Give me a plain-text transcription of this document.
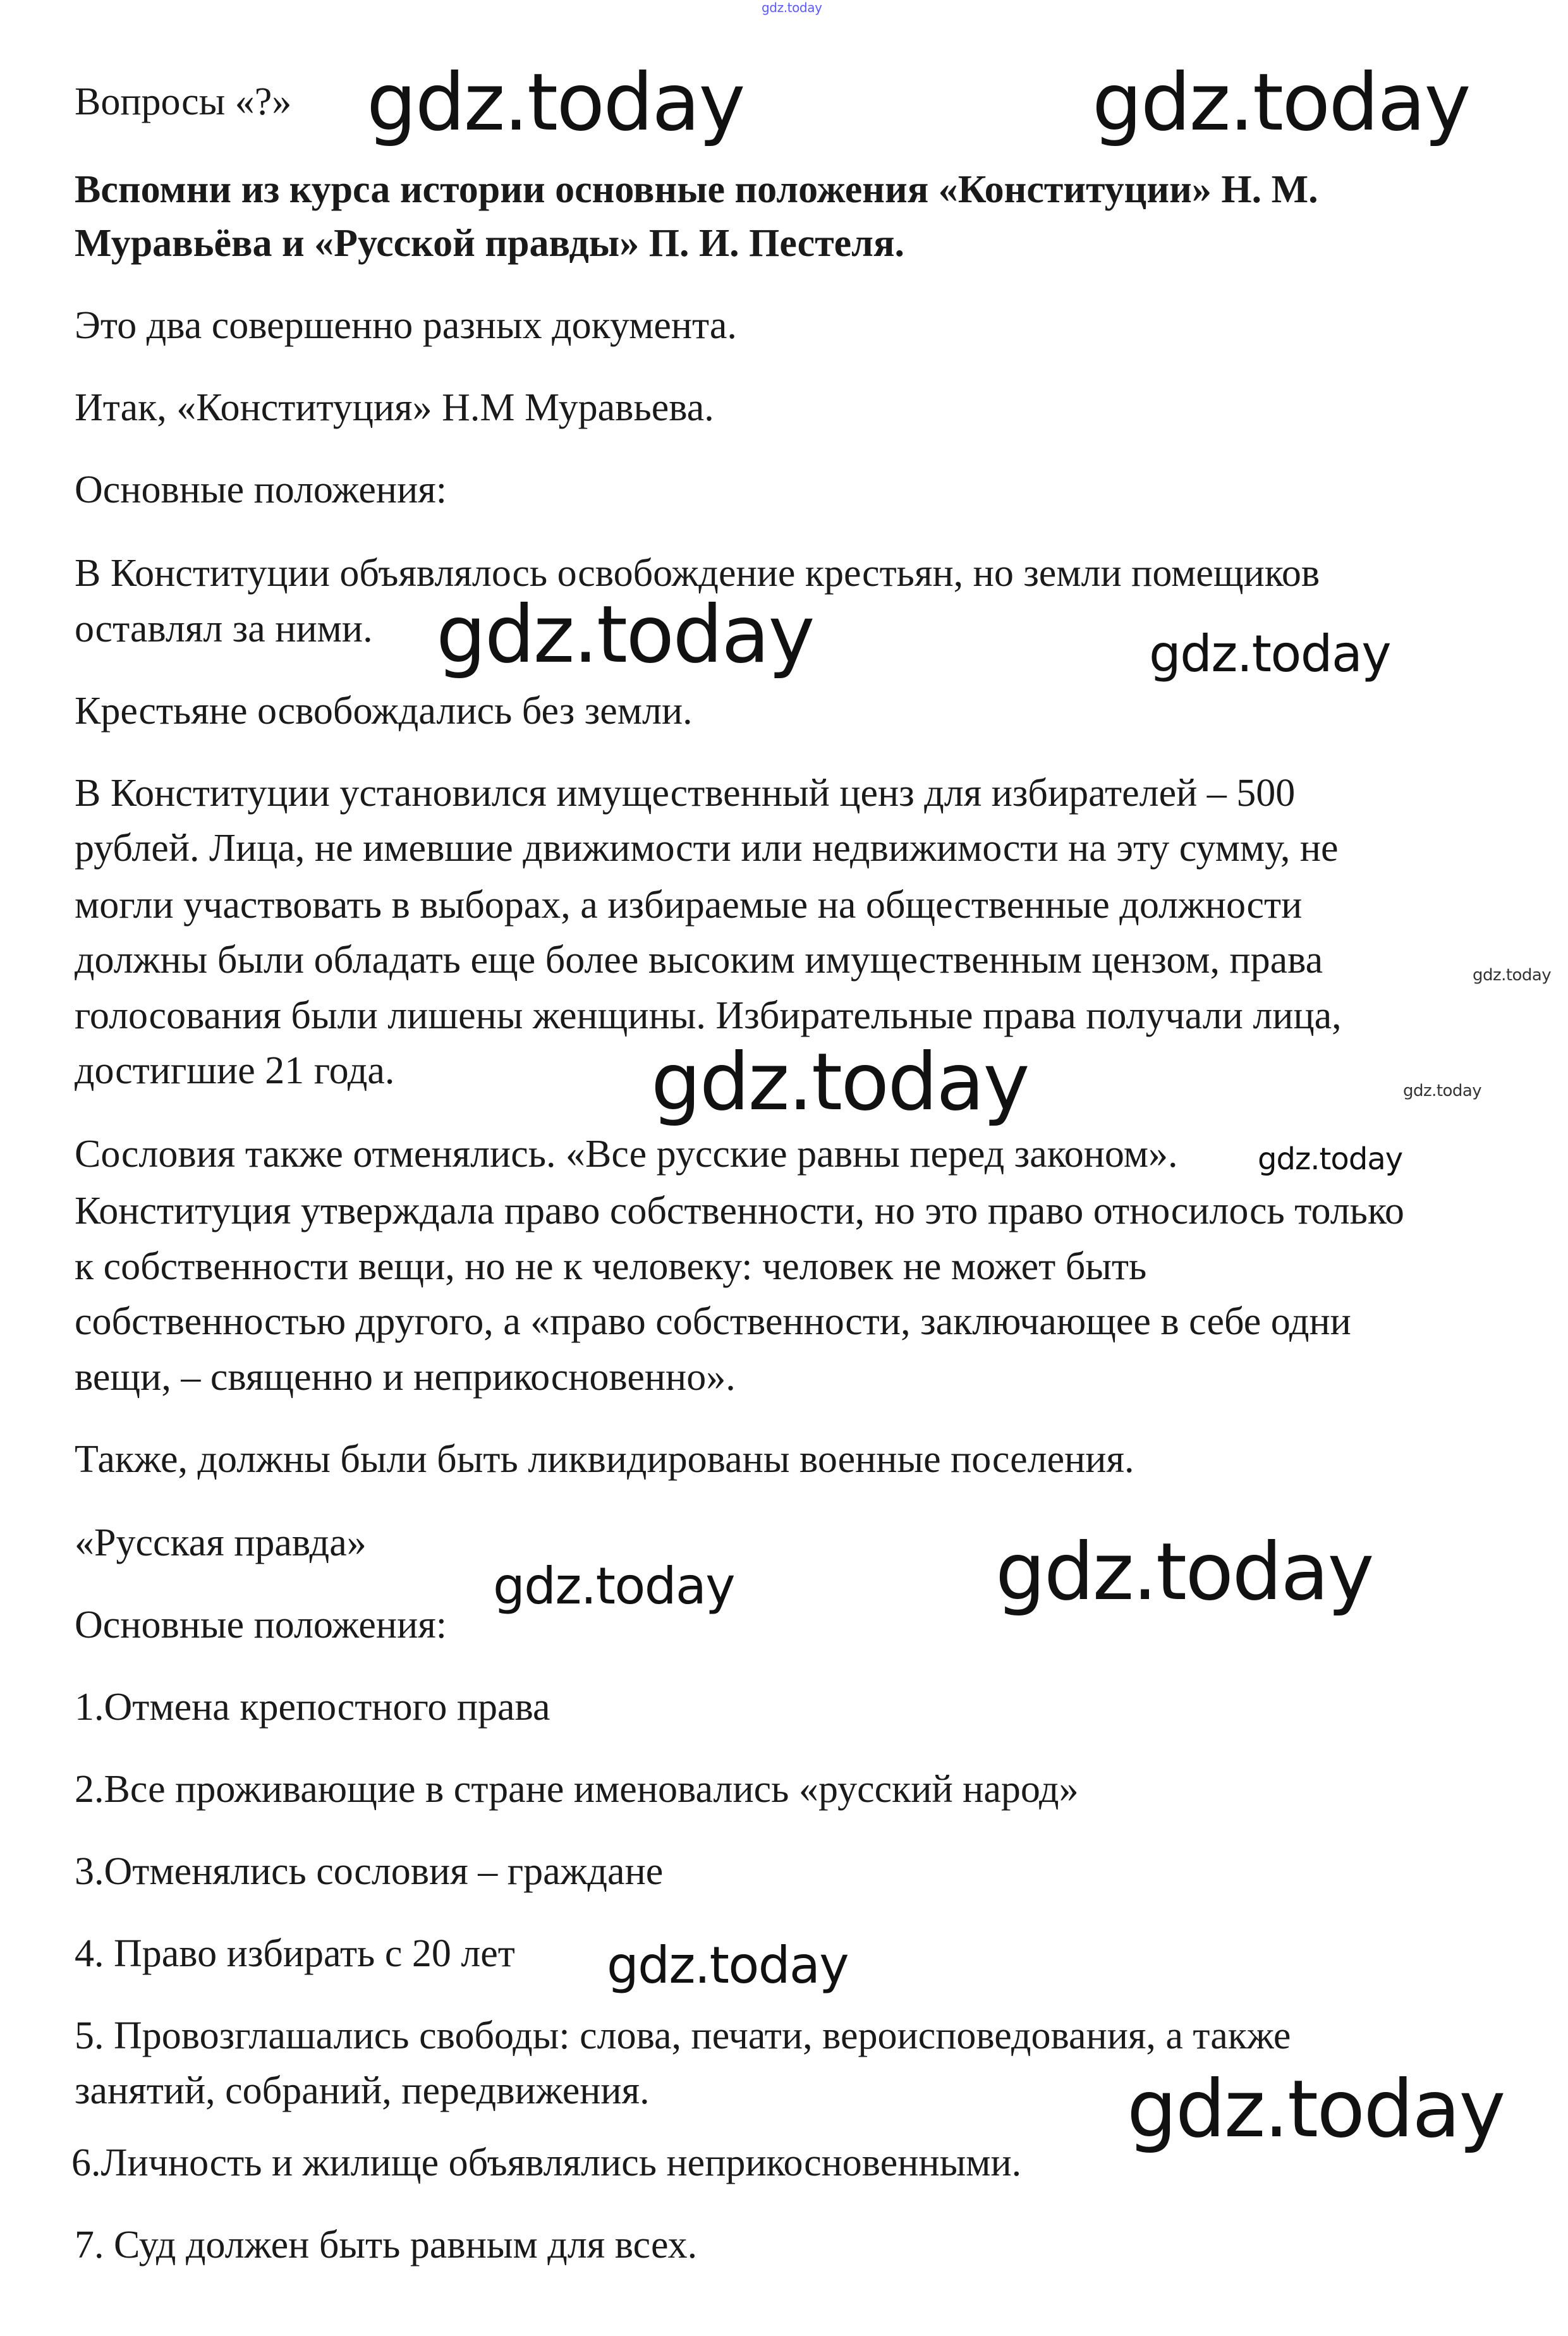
Вопросы «?»
Вспомни из курса истории основные положения «Конституции» Н. М.
Муравьёва и «Русской правды» П. И. Пестеля.
Это два совершенно разных документа.
Итак, «Конституция» Н.М Муравьева.
Основные положения:
В Конституции объявлялось освобождение крестьян, но земли помещиков
оставлял за ними.
Крестьяне освобождались без земли.
В Конституции установился имущественный ценз для избирателей – 500
рублей. Лица, не имевшие движимости или недвижимости на эту сумму, не
могли участвовать в выборах, а избираемые на общественные должности
должны были обладать еще более высоким имущественным цензом, права
голосования были лишены женщины. Избирательные права получали лица,
достигшие 21 года.
Сословия также отменялись. «Все русские равны перед законом».
Конституция утверждала право собственности, но это право относилось только
к собственности вещи, но не к человеку: человек не может быть
собственностью другого, а «право собственности, заключающее в себе одни
вещи, – священно и неприкосновенно».
Также, должны были быть ликвидированы военные поселения.
«Русская правда»
Основные положения:
1.Отмена крепостного права
2.Все проживающие в стране именовались «русский народ»
3.Отменялись сословия – граждане
4. Право избирать с 20 лет
5. Провозглашались свободы: слова, печати, вероисповедования, а также
занятий, собраний, передвижения.
6.Личность и жилище объявлялись неприкосновенными.
7. Суд должен быть равным для всех.
gdz.today
gdz.today	gdz.today
gdz.today	gdz.today
gdz.today
gdz.today
gdz.today
gdz.today
gdz.today	gdz.today
gdz.today
gdz.today
